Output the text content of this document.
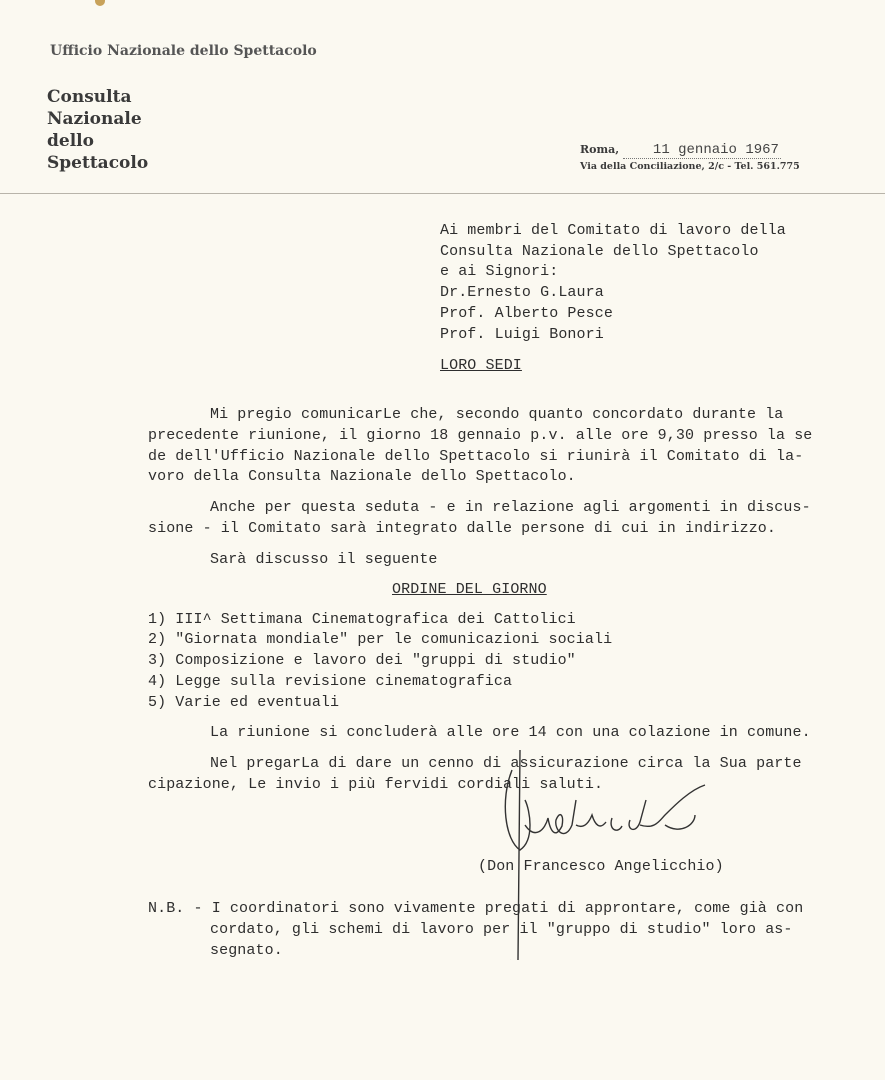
Ufficio Nazionale dello Spettacolo
Consulta
Nazionale
dello
Spettacolo
Roma, 11 gennaio 1967
Via della Conciliazione, 2/c - Tel. 561.775
Ai membri del Comitato di lavoro della
Consulta Nazionale dello Spettacolo
e ai Signori:
Dr.Ernesto G.Laura
Prof. Alberto Pesce
Prof. Luigi Bonori
LORO SEDI
Mi pregio comunicarLe che, secondo quanto concordato durante la
precedente riunione, il giorno 18 gennaio p.v. alle ore 9,30 presso la se
de dell'Ufficio Nazionale dello Spettacolo si riunirà il Comitato di la-
voro della Consulta Nazionale dello Spettacolo.
Anche per questa seduta - e in relazione agli argomenti in discus-
sione - il Comitato sarà integrato dalle persone di cui in indirizzo.
Sarà discusso il seguente
ORDINE DEL GIORNO
1) III^ Settimana Cinematografica dei Cattolici
2) "Giornata mondiale" per le comunicazioni sociali
3) Composizione e lavoro dei "gruppi di studio"
4) Legge sulla revisione cinematografica
5) Varie ed eventuali
La riunione si concluderà alle ore 14 con una colazione in comune.
Nel pregarLa di dare un cenno di assicurazione circa la Sua parte
cipazione, Le invio i più fervidi cordiali saluti.
(Don Francesco Angelicchio)
N.B. - I coordinatori sono vivamente pregati di approntare, come già con
cordato, gli schemi di lavoro per il "gruppo di studio" loro as-
segnato.
